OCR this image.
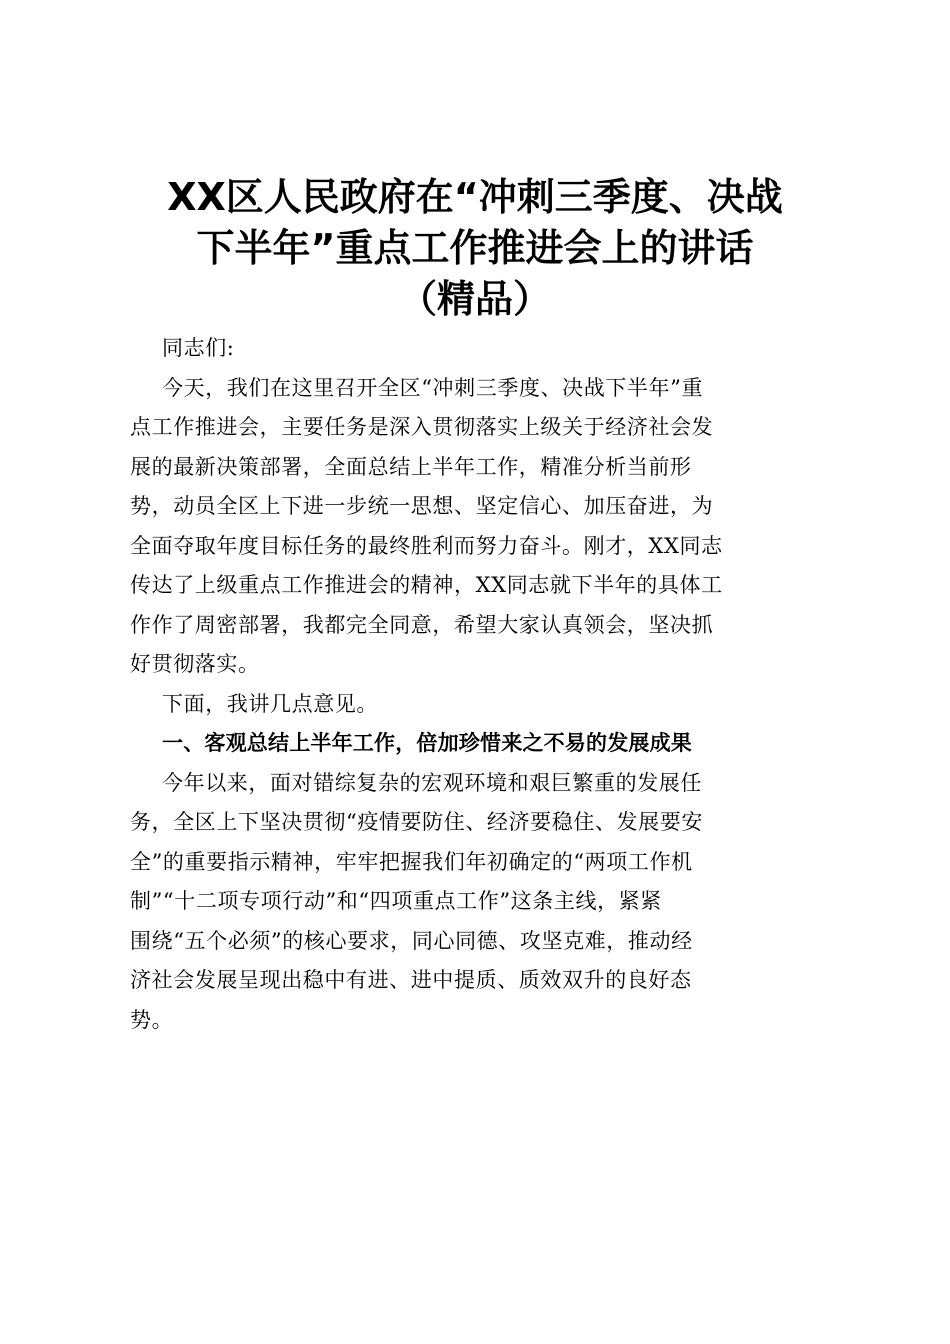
XX区人民政府在“冲刺三季度、决战
下半年”重点工作推进会上的讲话
（精品）
同志们:
今天，我们在这里召开全区“冲刺三季度、决战下半年”重
点工作推进会，主要任务是深入贯彻落实上级关于经济社会发
展的最新决策部署，全面总结上半年工作，精准分析当前形
势，动员全区上下进一步统一思想、坚定信心、加压奋进，为
全面夺取年度目标任务的最终胜利而努力奋斗。刚才，XX同志
传达了上级重点工作推进会的精神，XX同志就下半年的具体工
作作了周密部署，我都完全同意，希望大家认真领会，坚决抓
好贯彻落实。
下面，我讲几点意见。
一、客观总结上半年工作，倍加珍惜来之不易的发展成果
今年以来，面对错综复杂的宏观环境和艰巨繁重的发展任
务，全区上下坚决贯彻“疫情要防住、经济要稳住、发展要安
全”的重要指示精神，牢牢把握我们年初确定的“两项工作机
制”“十二项专项行动”和“四项重点工作”这条主线，紧紧
围绕“五个必须”的核心要求，同心同德、攻坚克难，推动经
济社会发展呈现出稳中有进、进中提质、质效双升的良好态
势。
